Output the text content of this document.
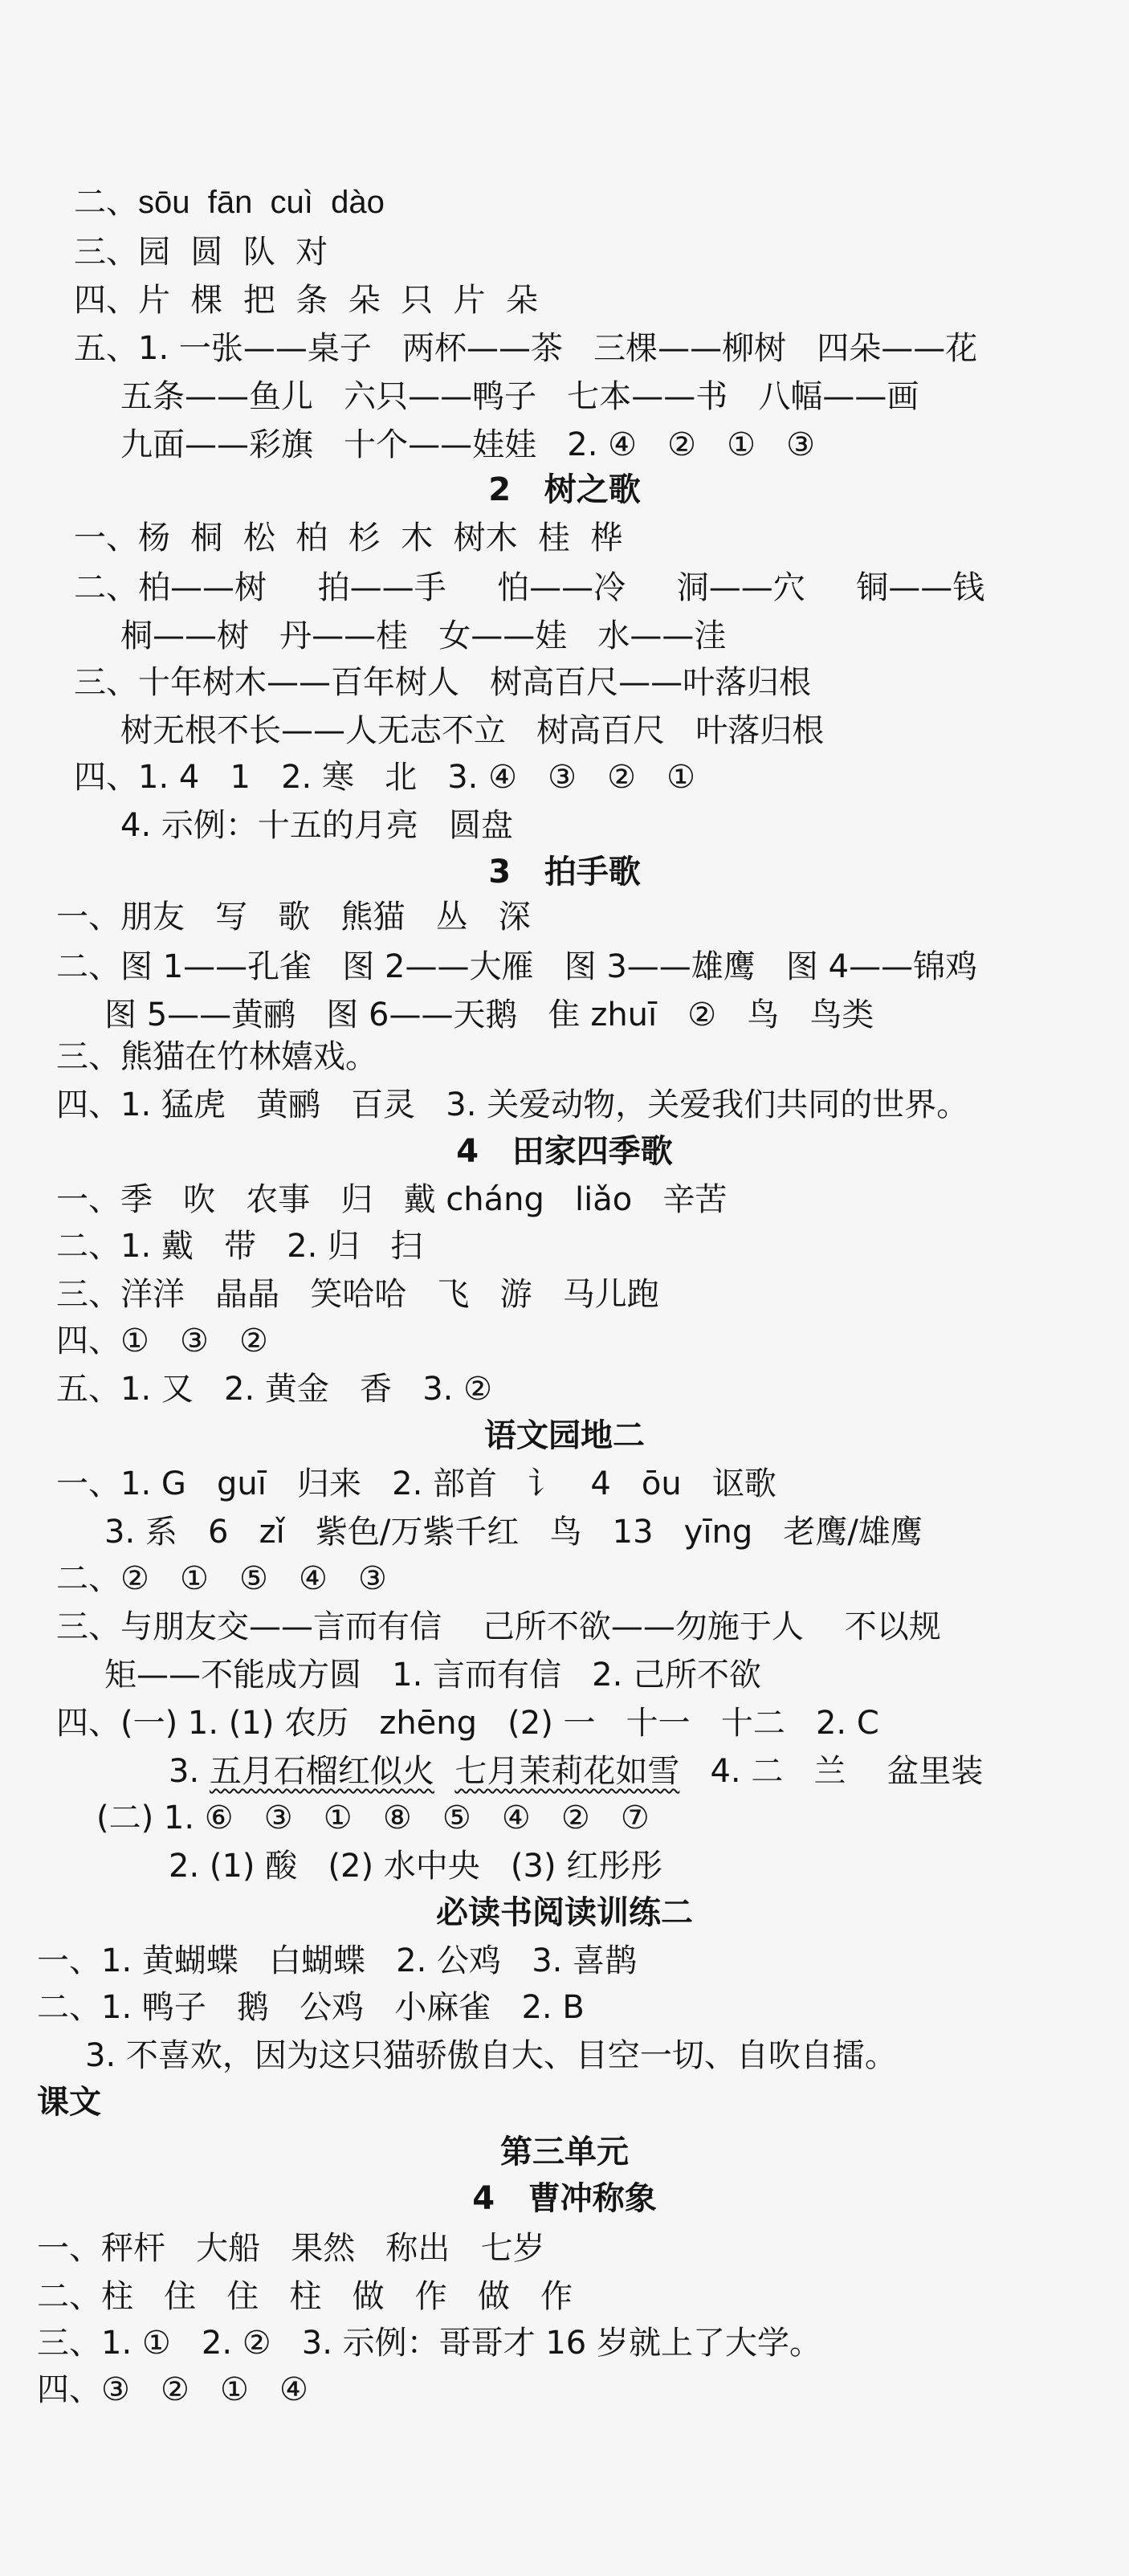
二、sōu  fān  cuì  dào
三、园  圆  队  对
四、片  棵  把  条  朵  只  片  朵
五、1. 一张——桌子   两杯——茶   三棵——柳树   四朵——花
五条——鱼儿   六只——鸭子   七本——书   八幅——画
九面——彩旗   十个——娃娃   2. ④   ②   ①   ③
2   树之歌
一、杨  桐  松  柏  杉  木  树木  桂  桦
二、柏——树     拍——手     怕——冷     洞——穴     铜——钱
桐——树   丹——桂   女——娃   水——洼
三、十年树木——百年树人   树高百尺——叶落归根
树无根不长——人无志不立   树高百尺   叶落归根
四、1. 4   1   2. 寒   北   3. ④   ③   ②   ①
4. 示例：十五的月亮   圆盘
3   拍手歌
一、朋友   写   歌   熊猫   丛   深
二、图 1——孔雀   图 2——大雁   图 3——雄鹰   图 4——锦鸡
图 5——黄鹂   图 6——天鹅   隹 zhuī   ②   鸟   鸟类
三、熊猫在竹林嬉戏。
四、1. 猛虎   黄鹂   百灵   3. 关爱动物，关爱我们共同的世界。
4   田家四季歌
一、季   吹   农事   归   戴 cháng   liǎo   辛苦
二、1. 戴   带   2. 归   扫
三、洋洋   晶晶   笑哈哈   飞   游   马儿跑
四、①   ③   ②
五、1. 又   2. 黄金   香   3. ②
语文园地二
一、1. G   guī   归来   2. 部首   讠   4   ōu   讴歌
3. 系   6   zǐ   紫色/万紫千红   鸟   13   yīng   老鹰/雄鹰
二、②   ①   ⑤   ④   ③
三、与朋友交——言而有信    己所不欲——勿施于人    不以规
矩——不能成方圆   1. 言而有信   2. 己所不欲
四、(一) 1. (1) 农历   zhēng   (2) 一   十一   十二   2. C
3. 五月石榴红似火 七月茉莉花如雪   4. 二   兰    盆里装
(二) 1. ⑥   ③   ①   ⑧   ⑤   ④   ②   ⑦
2. (1) 酸   (2) 水中央   (3) 红彤彤
必读书阅读训练二
一、1. 黄蝴蝶   白蝴蝶   2. 公鸡   3. 喜鹊
二、1. 鸭子   鹅   公鸡   小麻雀   2. B
3. 不喜欢，因为这只猫骄傲自大、目空一切、自吹自擂。
课文
第三单元
4   曹冲称象
一、秤杆   大船   果然   称出   七岁
二、柱   住   住   柱   做   作   做   作
三、1. ①   2. ②   3. 示例：哥哥才 16 岁就上了大学。
四、③   ②   ①   ④
